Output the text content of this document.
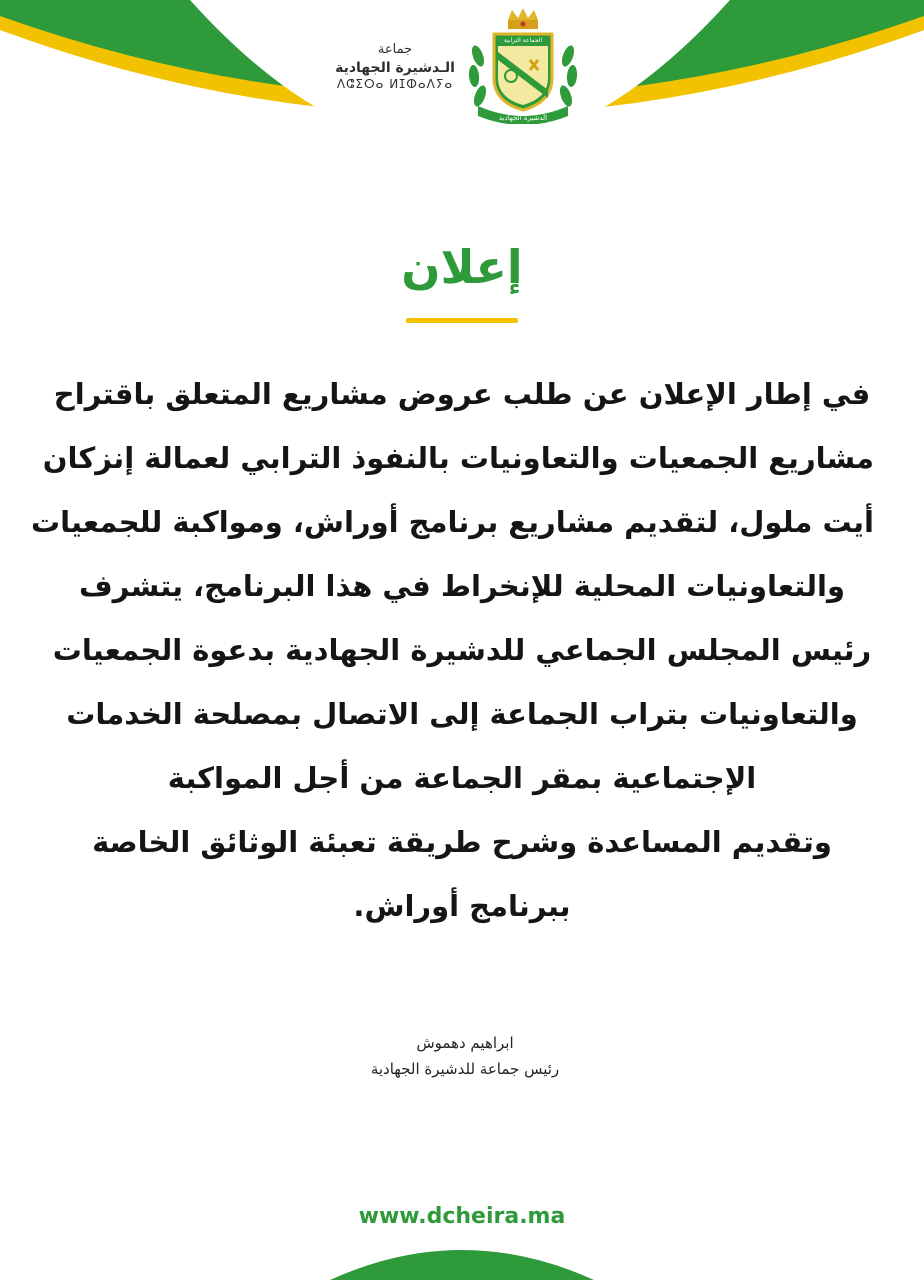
جماعة
الـدشيرة الجهادية
ⴷⵛⵉⵔⴰ ⵍⵊⵀⴰⴷⵢⴰ
الجماعة الترابية
الدشيرة الجهادية
إعلان
في إطار الإعلان عن طلب عروض مشاريع المتعلق باقتراح
مشاريع الجمعيات والتعاونيات بالنفوذ الترابي لعمالة إنزكان
أيت ملول، لتقديم مشاريع برنامج أوراش، ومواكبة للجمعيات
والتعاونيات المحلية للإنخراط في هذا البرنامج، يتشرف
رئيس المجلس الجماعي للدشيرة الجهادية بدعوة الجمعيات
والتعاونيات بتراب الجماعة إلى الاتصال بمصلحة الخدمات
الإجتماعية بمقر الجماعة من أجل المواكبة
وتقديم المساعدة وشرح طريقة تعبئة الوثائق الخاصة
ببرنامج أوراش.
ابراهيم دهموش
رئيس جماعة للدشيرة الجهادية
www.dcheira.ma
